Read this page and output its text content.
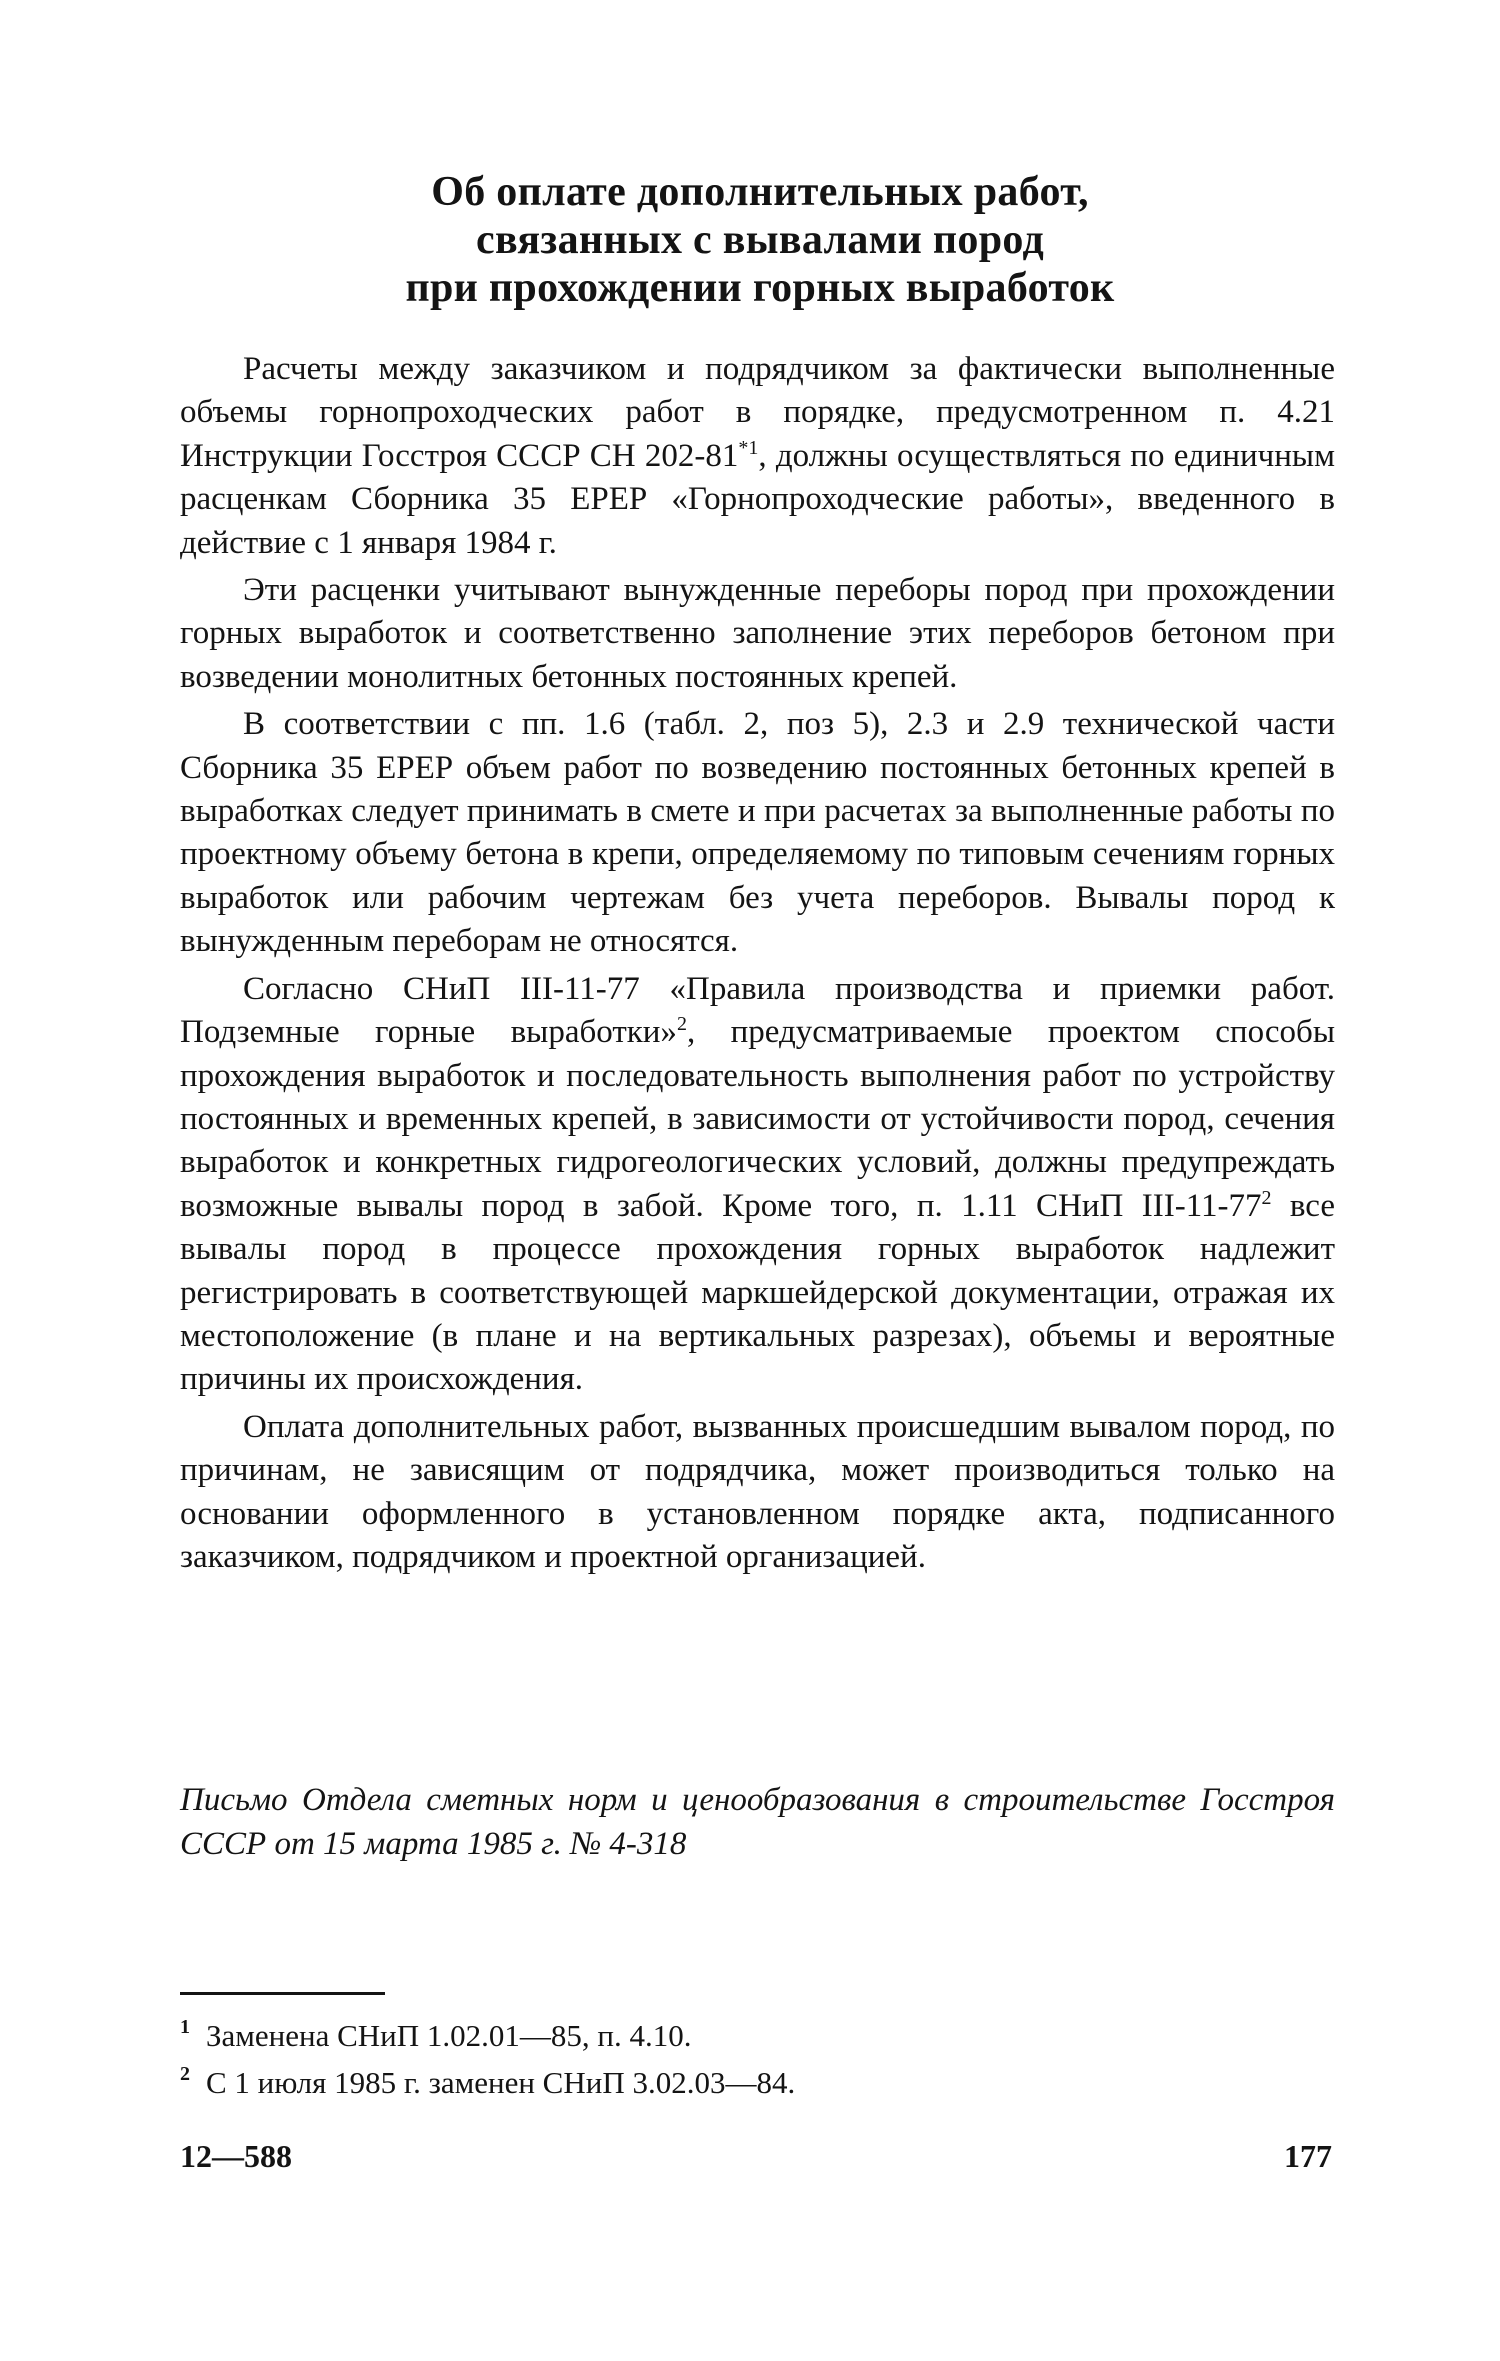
Об оплате дополнительных работ,
связанных с вывалами пород
при прохождении горных выработок

Расчеты между заказчиком и подрядчиком за фактически выполненные объемы горнопроходческих работ в порядке, предусмотренном п. 4.21 Инструкции Госстроя СССР СН 202-81$^{*1}$, должны осуществляться по единичным расценкам Сборника 35 ЕРЕР «Горнопроходческие работы», введенного в действие с 1 января 1984 г.

Эти расценки учитывают вынужденные переборы пород при прохождении горных выработок и соответственно заполнение этих переборов бетоном при возведении монолитных бетонных постоянных крепей.

В соответствии с пп. 1.6 (табл. 2, поз 5), 2.3 и 2.9 технической части Сборника 35 ЕРЕР объем работ по возведению постоянных бетонных крепей в выработках следует принимать в смете и при расчетах за выполненные работы по проектному объему бетона в крепи, определяемому по типовым сечениям горных выработок или рабочим чертежам без учета переборов. Вывалы пород к вынужденным переборам не относятся.

Согласно СНиП III-11-77 «Правила производства и приемки работ. Подземные горные выработки»$^2$, предусматриваемые проектом способы прохождения выработок и последовательность выполнения работ по устройству постоянных и временных крепей, в зависимости от устойчивости пород, сечения выработок и конкретных гидрогеологических условий, должны предупреждать возможные вывалы пород в забой. Кроме того, п. 1.11 СНиП III-$11-77^2$ все вывалы пород в процессе прохождения горных выработок надлежит регистрировать в соответствующей маркшейдерской документации, отражая их местоположение (в плане и на вертикальных разрезах), объемы и вероятные причины их происхождения.

Оплата дополнительных работ, вызванных происшедшим вывалом пород, по причинам, не зависящим от подрядчика, может производиться только на основании оформленного в установленном порядке акта, подписанного заказчиком, подрядчиком и проектной организацией.

Письмо Отдела сметных норм и ценообразования в строительстве Госстроя СССР от 15 марта 1985 г. № 4-318
1 Заменена СНиП 1.02.01—85, п. 4.10.
2 С 1 июля 1985 г. заменен СНиП 3.02.03—84.
12—588	177
